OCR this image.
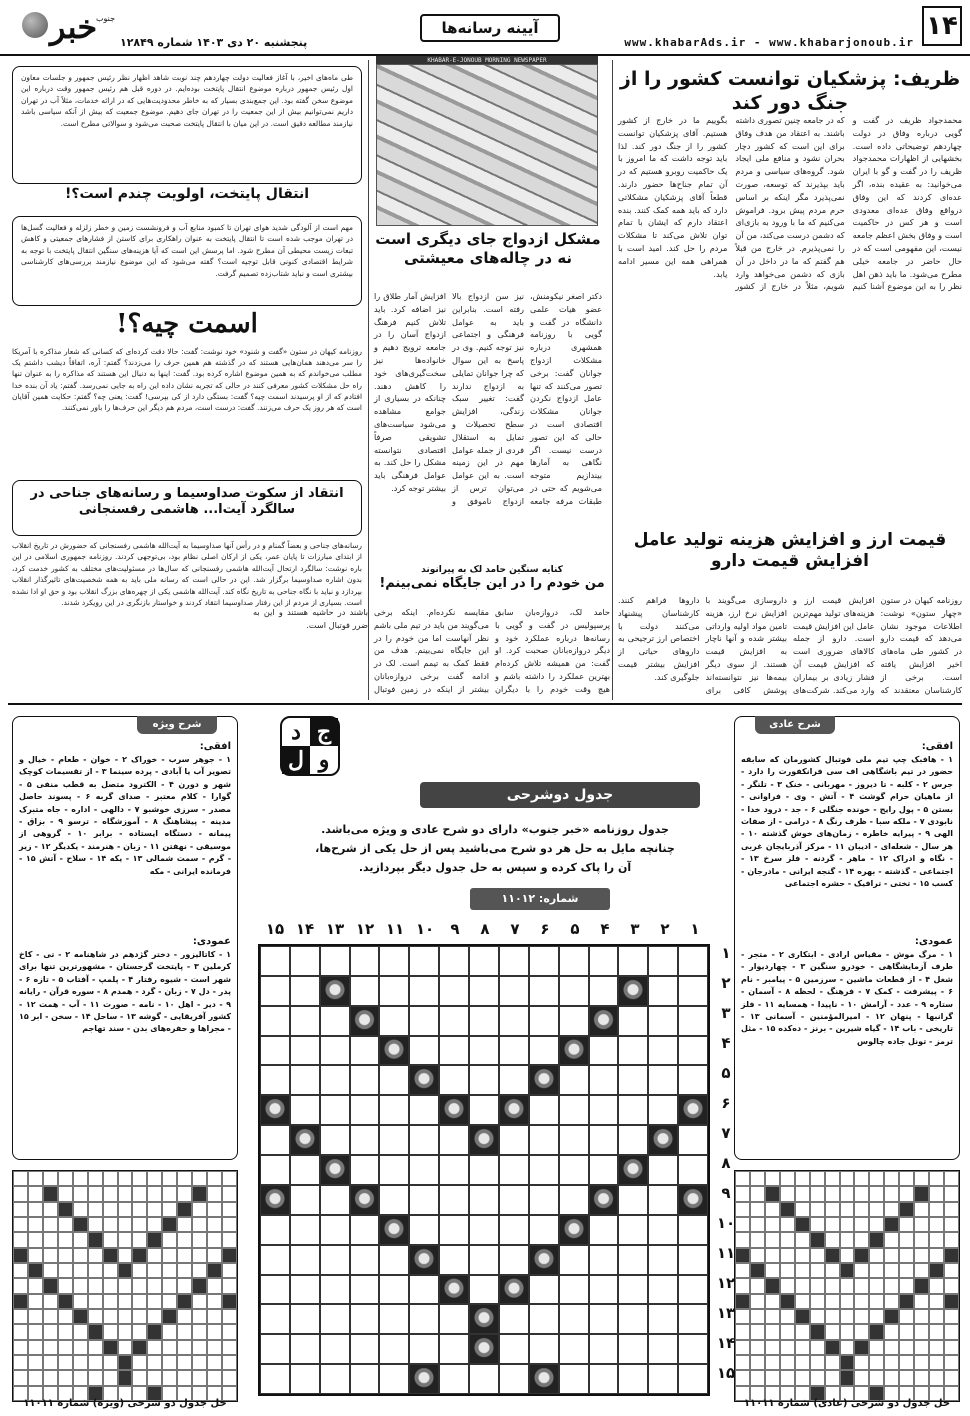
۱۴
www.khabarAds.ir - www.khabarjonoub.ir
آیینه رسانه‌ها
پنجشنبه ۲۰ دی ۱۴۰۳ شماره ۱۲۸۴۹
خبر
جنوب
ظریف: پزشکیان توانست کشور را از جنگ دور کند
محمدجواد ظریف در گفت و گویی درباره وفاق در دولت چهاردهم توضیحاتی داده است. بخشهایی از اظهارات محمدجواد ظریف را در گفت و گو با ایران می‌خوانید: به عقیده بنده، اگر عده‌ای کردند که این وفاق درواقع وفاق عده‌ای معدودی است و هر کس در حاکمیت است و وفاق بخش اعظم جامعه نیست، این مفهومی است که در حال حاضر در جامعه خیلی مطرح می‌شود. ما باید ذهن اهل نظر را به این موضوع آشنا کنیم که در جامعه چنین تصوری داشته باشند. به اعتقاد من هدف وفاق برای این است که کشور دچار بحران نشود و منافع ملی ایجاد شود. گروه‌های سیاسی و مردم باید بپذیرند که توسعه، صورت نمی‌پذیرد مگر اینکه بر اساس حرم مردم پیش برود. فراموش می‌کنیم که ما با ورود به بازی‌ای که دشمن درست می‌کند، من آن را نمی‌پذیرم. در خارج من قبلاً هم گفتم که ما در داخل در آن بازی که دشمن می‌خواهد وارد شویم، مثلاً در خارج از کشور بگوییم ما در خارج از کشور هستیم. آقای پزشکیان توانست کشور را از جنگ دور کند. لذا باید توجه داشت که ما امروز با یک حاکمیت روبرو هستیم که در آن تمام جناح‌ها حضور دارند. قطعاً آقای پزشکیان مشکلاتی دارد که باید همه کمک کنند. بنده اعتقاد دارم که ایشان با تمام توان تلاش می‌کند تا مشکلات مردم را حل کند. امید است با همراهی همه این مسیر ادامه یابد.
قیمت ارز و افزایش هزینه تولید عامل افزایش قیمت دارو
روزنامه کیهان در ستون «چهار ستون» نوشت: اطلاعات موجود نشان می‌دهد که قیمت دارو در کشور طی ماه‌های اخیر افزایش یافته است. برخی از کارشناسان معتقدند که افزایش قیمت ارز و هزینه‌های تولید مهم‌ترین عامل این افزایش قیمت است. دارو از جمله کالاهای ضروری است که افزایش قیمت آن فشار زیادی بر بیماران وارد می‌کند. شرکت‌های داروسازی می‌گویند با افزایش نرخ ارز، هزینه تامین مواد اولیه وارداتی بیشتر شده و آنها ناچار به افزایش قیمت هستند. از سوی دیگر بیمه‌ها نیز نتوانسته‌اند پوشش کافی برای داروها فراهم کنند. کارشناسان پیشنهاد می‌کنند دولت با اختصاص ارز ترجیحی به داروهای حیاتی از افزایش بیشتر قیمت جلوگیری کند.
KHABAR-E-JONOUB MORNING NEWSPAPER
مشکل ازدواج جای دیگری است نه در چاله‌های معیشتی
دکتر اصغر نیکومنش، عضو هیات علمی دانشگاه در گفت و گویی با روزنامه همشهری درباره مشکلات ازدواج جوانان گفت: برخی تصور می‌کنند که تنها عامل ازدواج نکردن جوانان مشکلات اقتصادی است در حالی که این تصور درست نیست. اگر نگاهی به آمارها بیندازیم متوجه می‌شویم که حتی در طبقات مرفه جامعه نیز سن ازدواج بالا رفته است. بنابراین باید به عوامل فرهنگی و اجتماعی نیز توجه کنیم. وی در پاسخ به این سوال که چرا جوانان تمایلی به ازدواج ندارند گفت: تغییر سبک زندگی، افزایش سطح تحصیلات و تمایل به استقلال فردی از جمله عوامل مهم در این زمینه است. به این عوامل می‌توان ترس از ازدواج ناموفق و افزایش آمار طلاق را نیز اضافه کرد. باید تلاش کنیم فرهنگ ازدواج آسان را در جامعه ترویج دهیم و خانواده‌ها نیز سخت‌گیری‌های خود را کاهش دهند. چنانکه در بسیاری از جوامع مشاهده می‌شود سیاست‌های تشویقی صرفاً اقتصادی نتوانسته مشکل را حل کند. به عوامل فرهنگی باید بیشتر توجه کرد.
کنایه سنگین حامد لک به پیرانوند
من خودم را در این جایگاه نمی‌بینم!
حامد لک، دروازه‌بان سابق پرسپولیس در گفت و گویی با رسانه‌ها درباره عملکرد خود و دیگر دروازه‌بانان صحبت کرد. او گفت: من همیشه تلاش کرده‌ام بهترین عملکرد را داشته باشم و هیچ وقت خودم را با دیگران مقایسه نکرده‌ام. اینکه برخی می‌گویند من باید در تیم ملی باشم نظر آنهاست اما من خودم را در این جایگاه نمی‌بینم. هدف من فقط کمک به تیمم است. لک در ادامه گفت برخی دروازه‌بانان بیشتر از اینکه در زمین فوتبال باشند در حاشیه هستند و این به ضرر فوتبال است.
طی ماه‌های اخیر، با آغاز فعالیت دولت چهاردهم چند نوبت شاهد اظهار نظر رئیس جمهور و جلسات معاون اول رئیس جمهور درباره موضوع انتقال پایتخت بوده‌ایم. در دوره قبل هم رئیس جمهور وقت درباره این موضوع سخن گفته بود. این جمع‌بندی بسیار که به خاطر محدودیت‌هایی که در ارائه خدمات، مثلاً آب در تهران داریم نمی‌توانیم بیش از این جمعیت را در تهران جای دهیم. موضوع جمعیت که بیش از آنکه سیاسی باشد نیازمند مطالعه دقیق است. در این میان با انتقال پایتخت صحبت می‌شود و سوالاتی مطرح است.
انتقال پایتخت، اولویت چندم است؟!
مهم است از آلودگی شدید هوای تهران تا کمبود منابع آب و فرونشست زمین و خطر زلزله و فعالیت گسل‌ها در تهران موجب شده است تا انتقال پایتخت به عنوان راهکاری برای کاستن از فشارهای جمعیتی و کاهش تبعات زیست محیطی آن مطرح شود. اما پرسش این است که آیا هزینه‌های سنگین انتقال پایتخت با توجه به شرایط اقتصادی کنونی قابل توجیه است؟ گفته می‌شود که این موضوع نیازمند بررسی‌های کارشناسی بیشتری است و نباید شتاب‌زده تصمیم گرفت.
اسمت چیه؟!
روزنامه کیهان در ستون «گفت و شنود» خود نوشت: گفت: حالا دقت کرده‌ای که کسانی که شعار مذاکره با آمریکا را سر می‌دهند همان‌هایی هستند که در گذشته هم همین حرف را می‌زدند؟ گفتم: آره، اتفاقاً دیشب داشتم یک مطلب می‌خواندم که به همین موضوع اشاره کرده بود. گفت: اینها به دنبال این هستند که مذاکره را به عنوان تنها راه حل مشکلات کشور معرفی کنند در حالی که تجربه نشان داده این راه به جایی نمی‌رسد. گفتم: یاد آن بنده خدا افتادم که از او پرسیدند اسمت چیه؟ گفت: بستگی دارد از کی بپرسی! گفت: یعنی چه؟ گفتم: حکایت همین آقایان است که هر روز یک حرف می‌زنند. گفت: درست است، مردم هم دیگر این حرف‌ها را باور نمی‌کنند.
انتقاد از سکوت صداوسیما و رسانه‌های جناحی در سالگرد آیت‌ا... هاشمی رفسنجانی
رسانه‌های جناحی و بعضاً گمنام و در رأس آنها صداوسیما به آیت‌الله هاشمی رفسنجانی که حضورش در تاریخ انقلاب از ابتدای مبارزات تا پایان عمر، یکی از ارکان اصلی نظام بود، بی‌توجهی کردند. روزنامه جمهوری اسلامی در این باره نوشت: سالگرد ارتحال آیت‌الله هاشمی رفسنجانی که سال‌ها در مسئولیت‌های مختلف به کشور خدمت کرد، بدون اشاره صداوسیما برگزار شد. این در حالی است که رسانه ملی باید به همه شخصیت‌های تاثیرگذار انقلاب بپردازد و نباید با نگاه جناحی به تاریخ نگاه کند. آیت‌الله هاشمی یکی از چهره‌های بزرگ انقلاب بود و حق او ادا نشده است. بسیاری از مردم از این رفتار صداوسیما انتقاد کردند و خواستار بازنگری در این رویکرد شدند.
ج
د
و
ل
جدول دوشرحی
جدول روزنامه «خبر جنوب» دارای دو شرح عادی و ویژه می‌باشد. چنانچه مایل به حل هر دو شرح می‌باشید پس از حل یکی از شرح‌ها، آن را پاک کرده و سپس به حل جدول دیگر بپردازید.
شماره: ۱۱۰۱۲
۱
۲
۳
۴
۵
۶
۷
۸
۹
۱۰
۱۱
۱۲
۱۳
۱۴
۱۵
۱
۲
۳
۴
۵
۶
۷
۸
۹
۱۰
۱۱
۱۲
۱۳
۱۴
۱۵
شرح عادی
افقی:
۱ - هافبک چپ تیم ملی فوتبال کشورمان که سابقه حضور در تیم باشگاهی اف سی فرانکفورت را دارد - جرس ۲ - کلبه - تا دیروز - مهربانی - خنک ۳ - تلنگر - از ماهیان حرام گوشت ۴ - آتش - وی - فراوانی - بستن ۵ - پول رایج - خونده جنگلی ۶ - جد - درود خدا - نابودی ۷ - ملکه سبا - ظرف رنگ ۸ - درامی - از صفات الهی ۹ - پیرایه خاطره - زمان‌های خوش گذشته ۱۰ - هر سال - شعله‌ای - ادیبان ۱۱ - مرکز آذربایجان غربی - نگاه و ادراک ۱۲ - ماهر - گردنه - فلز سرخ ۱۳ - اجتماعی - گذشته - بهره ۱۴ - گنجه ایرانی - مادرجان - کسب ۱۵ - تختی - ترافیک - حشره اجتماعی
عمودی:
۱ - مرگ موش - مقیاس ارادی - ابتکاری ۲ - متجر - طرف آزمایشگاهی - خودرو سنگین ۳ - چهاردیوار - شغل ۴ - از قطعات ماشین - سرزمین ۵ - پیامبر - نام ۶ - پیشرفت - کمک ۷ - فرهنگ - لحظه ۸ - آسمان - ستاره ۹ - عدد - آرامش ۱۰ - ناپیدا - همسایه ۱۱ - فلز گرانبها - پنهان ۱۲ - امیرالمؤمنین - آسمانی ۱۳ - تاریخی - باب ۱۴ - گیاه شیرین - برنز - ده‌کده ۱۵ - مثل ترمز - تونل جاده چالوس
شرح ویژه
افقی:
۱ - جوهر سرب - خوراک ۲ - خوان - طعام - خیال و تصویر آب یا آبادی - پرده سینما ۳ - از تقسیمات کوچک شهر و دورن ۴ - الکترود متصل به قطب منفی ۵ - گوارا - کلام معتبر - صدای گربه ۶ - پسوند حاصل مصدر - سرزی خوشبو ۷ - دالهی - اداره - جاه متبرک مدینه - پیشاهنگ ۸ - آموزشگاه - ترسو ۹ - بزاق - پیمانه - دستگاه ایستاده - برابر ۱۰ - گروهی از موسیقی - نهفتن ۱۱ - زبان - هنرمند - یکدیگر ۱۲ - زیر - گرم - سمت شمالی ۱۳ - یکه ۱۴ - سلاح - آتش ۱۵ - فرمانده ایرانی - مکه
عمودی:
۱ - کاتالیزور - دختر گژدهم در شاهنامه ۲ - تی - کاخ کرملین ۳ - پایتخت گرجستان - مشهورترین تنها برای شهر است - شیوه رفتار ۴ - پلمپ - آفتاب ۵ - تازه ۶ - پدر - دل ۷ - زبان - گرد - همدم ۸ - سوره قرآن - رایانه ۹ - دیر - اهل ۱۰ - نامه - صورت ۱۱ - آب - همت ۱۲ - کشور آفریقایی - گوشه ۱۳ - ساحل ۱۴ - سخن - ابر ۱۵ - مجراها و حفره‌های بدن - سند تهاجم
حل جدول دو شرحی (عادی) شماره ۱۱۰۱۱
حل جدول دو شرحی (ویژه) شماره ۱۱۰۱۱
